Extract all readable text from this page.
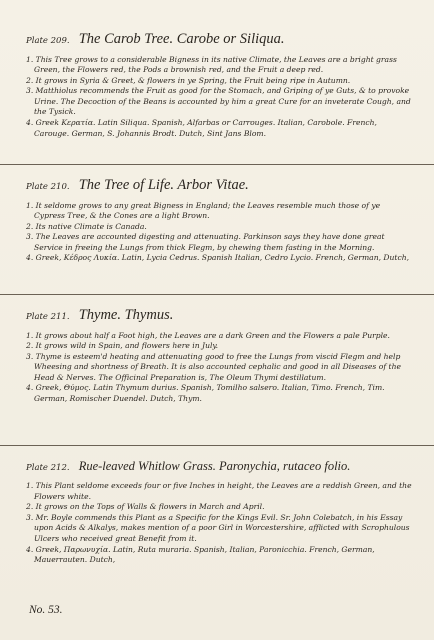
Plate 209. The Carob Tree. Carobe or Siliqua.

1. This Tree grows to a considerable Bigness in its native Climate, the Leaves are a bright grass Green, the Flowers red, the Pods a brownish red, and the Fruit a deep red.

2. It grows in Syria & Greet, & flowers in ye Spring, the Fruit being ripe in Autumn.

3. Matthiolus recommends the Fruit as good for the Stomach, and Griping of ye Guts, & to provoke Urine. The Decoction of the Beans is accounted by him a great Cure for an inveterate Cough, and the Tysick.

4. Greek Κερατία. Latin Siliqua. Spanish, Alfarbas or Carrouges. Italian, Carobole. French, Carouge. German, S. Johannis Brodt. Dutch, Sint Jans Blom.

Plate 210. The Tree of Life. Arbor Vitae.

1. It seldome grows to any great Bigness in England; the Leaves resemble much those of ye Cypress Tree, & the Cones are a light Brown.

2. Its native Climate is Canada.

3. The Leaves are accounted digesting and attenuating. Parkinson says they have done great Service in freeing the Lungs from thick Flegm, by chewing them fasting in the Morning.

4. Greek, Κέδρος Λυκία. Latin, Lycia Cedrus. Spanish Italian, Cedro Lycio. French, German, Dutch,

Plate 211. Thyme. Thymus.

1. It grows about half a Foot high, the Leaves are a dark Green and the Flowers a pale Purple.

2. It grows wild in Spain, and flowers here in July.

3. Thyme is esteem'd heating and attenuating good to free the Lungs from viscid Flegm and help Wheesing and shortness of Breath. It is also accounted cephalic and good in all Diseases of the Head & Nerves. The Officinal Preparation is, The Oleum Thymi destillatum.

4. Greek, Θύμος. Latin Thymum durius. Spanish, Tomilho salsero. Italian, Timo. French, Tim. German, Romischer Duendel. Dutch, Thym.

Plate 212. Rue-leaved Whitlow Grass. Paronychia, rutaceo folio.

1. This Plant seldome exceeds four or five Inches in height, the Leaves are a reddish Green, and the Flowers white.

2. It grows on the Tops of Walls & flowers in March and April.

3. Mr. Boyle commends this Plant as a Specific for the Kings Evil. Sr. John Colebatch, in his Essay upon Acids & Alkalys, makes mention of a poor Girl in Worcestershire, afflicted with Scrophulous Ulcers who received great Benefit from it.

4. Greek, Παρωνυχία. Latin, Ruta muraria. Spanish, Italian, Paronicchia. French, German, Mauerrauten. Dutch,

No. 53.
